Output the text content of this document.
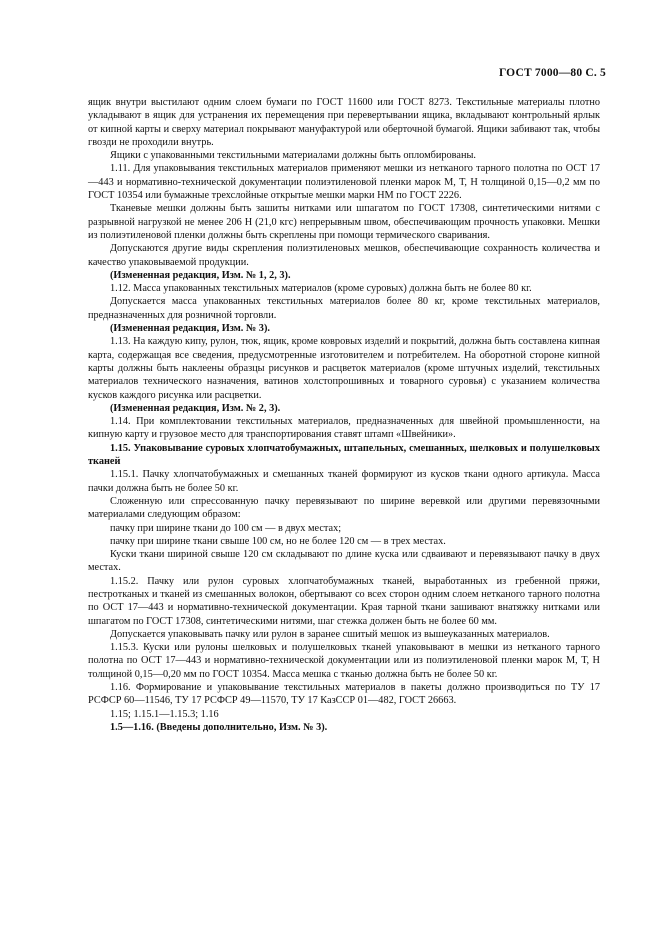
ГОСТ 7000—80 С. 5

ящик внутри выстилают одним слоем бумаги по ГОСТ 11600 или ГОСТ 8273. Текстильные материалы плотно укладывают в ящик для устранения их перемещения при перевертывании ящика, вкладывают контрольный ярлык от кипной карты и сверху материал покрывают мануфактурой или оберточной бумагой. Ящики забивают так, чтобы гвозди не проходили внутрь.

Ящики с упакованными текстильными материалами должны быть опломбированы.

1.11. Для упаковывания текстильных материалов применяют мешки из нетканого тарного полотна по ОСТ 17—443 и нормативно-технической документации полиэтиленовой пленки марок М, Т, Н толщиной 0,15—0,2 мм по ГОСТ 10354 или бумажные трехслойные открытые мешки марки НМ по ГОСТ 2226.

Тканевые мешки должны быть зашиты нитками или шпагатом по ГОСТ 17308, синтетическими нитями с разрывной нагрузкой не менее 206 Н (21,0 кгс) непрерывным швом, обеспечивающим прочность упаковки. Мешки из полиэтиленовой пленки должны быть скреплены при помощи термического сваривания.

Допускаются другие виды скрепления полиэтиленовых мешков, обеспечивающие сохранность количества и качество упаковываемой продукции.

(Измененная редакция, Изм. № 1, 2, 3).

1.12. Масса упакованных текстильных материалов (кроме суровых) должна быть не более 80 кг.

Допускается масса упакованных текстильных материалов более 80 кг, кроме текстильных материалов, предназначенных для розничной торговли.

(Измененная редакция, Изм. № 3).

1.13. На каждую кипу, рулон, тюк, ящик, кроме ковровых изделий и покрытий, должна быть составлена кипная карта, содержащая все сведения, предусмотренные изготовителем и потребителем. На оборотной стороне кипной карты должны быть наклеены образцы рисунков и расцветок материалов (кроме штучных изделий, текстильных материалов технического назначения, ватинов холстопрошивных и товарного суровья) с указанием количества кусков каждого рисунка или расцветки.

(Измененная редакция, Изм. № 2, 3).

1.14. При комплектовании текстильных материалов, предназначенных для швейной промышленности, на кипную карту и грузовое место для транспортирования ставят штамп «Швейники».

1.15. Упаковывание суровых хлопчатобумажных, штапельных, смешанных, шелковых и полушелковых тканей

1.15.1. Пачку хлопчатобумажных и смешанных тканей формируют из кусков ткани одного артикула. Масса пачки должна быть не более 50 кг.

Сложенную или спрессованную пачку перевязывают по ширине веревкой или другими перевязочными материалами следующим образом:

пачку при ширине ткани до 100 см — в двух местах;

пачку при ширине ткани свыше 100 см, но не более 120 см — в трех местах.

Куски ткани шириной свыше 120 см складывают по длине куска или сдваивают и перевязывают пачку в двух местах.

1.15.2. Пачку или рулон суровых хлопчатобумажных тканей, выработанных из гребенной пряжи, пестротканых и тканей из смешанных волокон, обертывают со всех сторон одним слоем нетканого тарного полотна по ОСТ 17—443 и нормативно-технической документации. Края тарной ткани зашивают внатяжку нитками или шпагатом по ГОСТ 17308, синтетическими нитями, шаг стежка должен быть не более 60 мм.

Допускается упаковывать пачку или рулон в заранее сшитый мешок из вышеуказанных материалов.

1.15.3. Куски или рулоны шелковых и полушелковых тканей упаковывают в мешки из нетканого тарного полотна по ОСТ 17—443 и нормативно-технической документации или из полиэтиленовой пленки марок М, Т, Н толщиной 0,15—0,20 мм по ГОСТ 10354. Масса мешка с тканью должна быть не более 50 кг.

1.16. Формирование и упаковывание текстильных материалов в пакеты должно производиться по ТУ 17 РСФСР 60—11546, ТУ 17 РСФСР 49—11570, ТУ 17 КазССР 01—482, ГОСТ 26663.

1.15; 1.15.1—1.15.3; 1.16

1.5—1.16. (Введены дополнительно, Изм. № 3).
